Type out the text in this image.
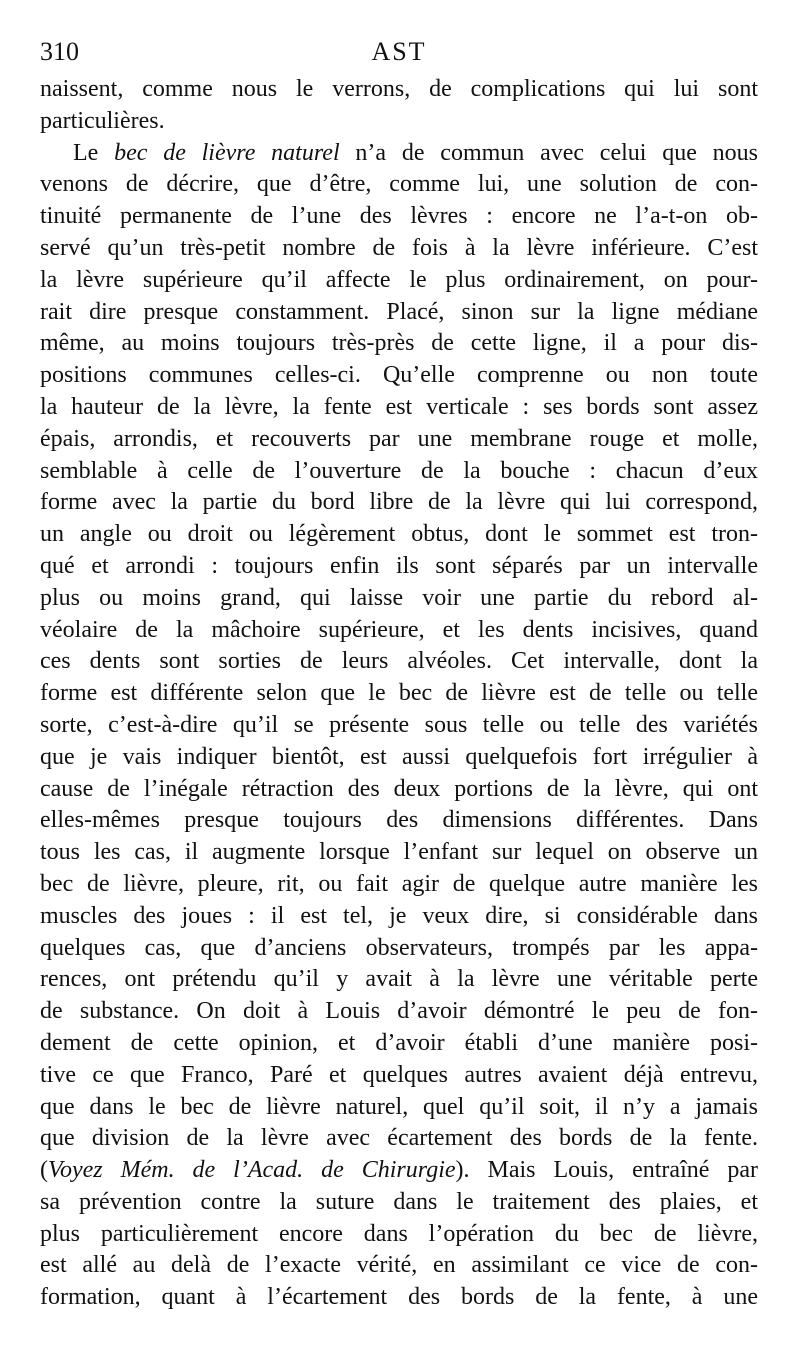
310	AST
naissent, comme nous le verrons, de complications qui lui sont
particulières.
Le bec de lièvre naturel n’a de commun avec celui que nous
venons de décrire, que d’être, comme lui, une solution de con-
tinuité permanente de l’une des lèvres : encore ne l’a-t-on ob-
servé qu’un très-petit nombre de fois à la lèvre inférieure. C’est
la lèvre supérieure qu’il affecte le plus ordinairement, on pour-
rait dire presque constamment. Placé, sinon sur la ligne médiane
même, au moins toujours très-près de cette ligne, il a pour dis-
positions communes celles-ci. Qu’elle comprenne ou non toute
la hauteur de la lèvre, la fente est verticale : ses bords sont assez
épais, arrondis, et recouverts par une membrane rouge et molle,
semblable à celle de l’ouverture de la bouche : chacun d’eux
forme avec la partie du bord libre de la lèvre qui lui correspond,
un angle ou droit ou légèrement obtus, dont le sommet est tron-
qué et arrondi : toujours enfin ils sont séparés par un intervalle
plus ou moins grand, qui laisse voir une partie du rebord al-
véolaire de la mâchoire supérieure, et les dents incisives, quand
ces dents sont sorties de leurs alvéoles. Cet intervalle, dont la
forme est différente selon que le bec de lièvre est de telle ou telle
sorte, c’est-à-dire qu’il se présente sous telle ou telle des variétés
que je vais indiquer bientôt, est aussi quelquefois fort irrégulier à
cause de l’inégale rétraction des deux portions de la lèvre, qui ont
elles-mêmes presque toujours des dimensions différentes. Dans
tous les cas, il augmente lorsque l’enfant sur lequel on observe un
bec de lièvre, pleure, rit, ou fait agir de quelque autre manière les
muscles des joues : il est tel, je veux dire, si considérable dans
quelques cas, que d’anciens observateurs, trompés par les appa-
rences, ont prétendu qu’il y avait à la lèvre une véritable perte
de substance. On doit à Louis d’avoir démontré le peu de fon-
dement de cette opinion, et d’avoir établi d’une manière posi-
tive ce que Franco, Paré et quelques autres avaient déjà entrevu,
que dans le bec de lièvre naturel, quel qu’il soit, il n’y a jamais
que division de la lèvre avec écartement des bords de la fente.
(Voyez Mém. de l’Acad. de Chirurgie). Mais Louis, entraîné par
sa prévention contre la suture dans le traitement des plaies, et
plus particulièrement encore dans l’opération du bec de lièvre,
est allé au delà de l’exacte vérité, en assimilant ce vice de con-
formation, quant à l’écartement des bords de la fente, à une
